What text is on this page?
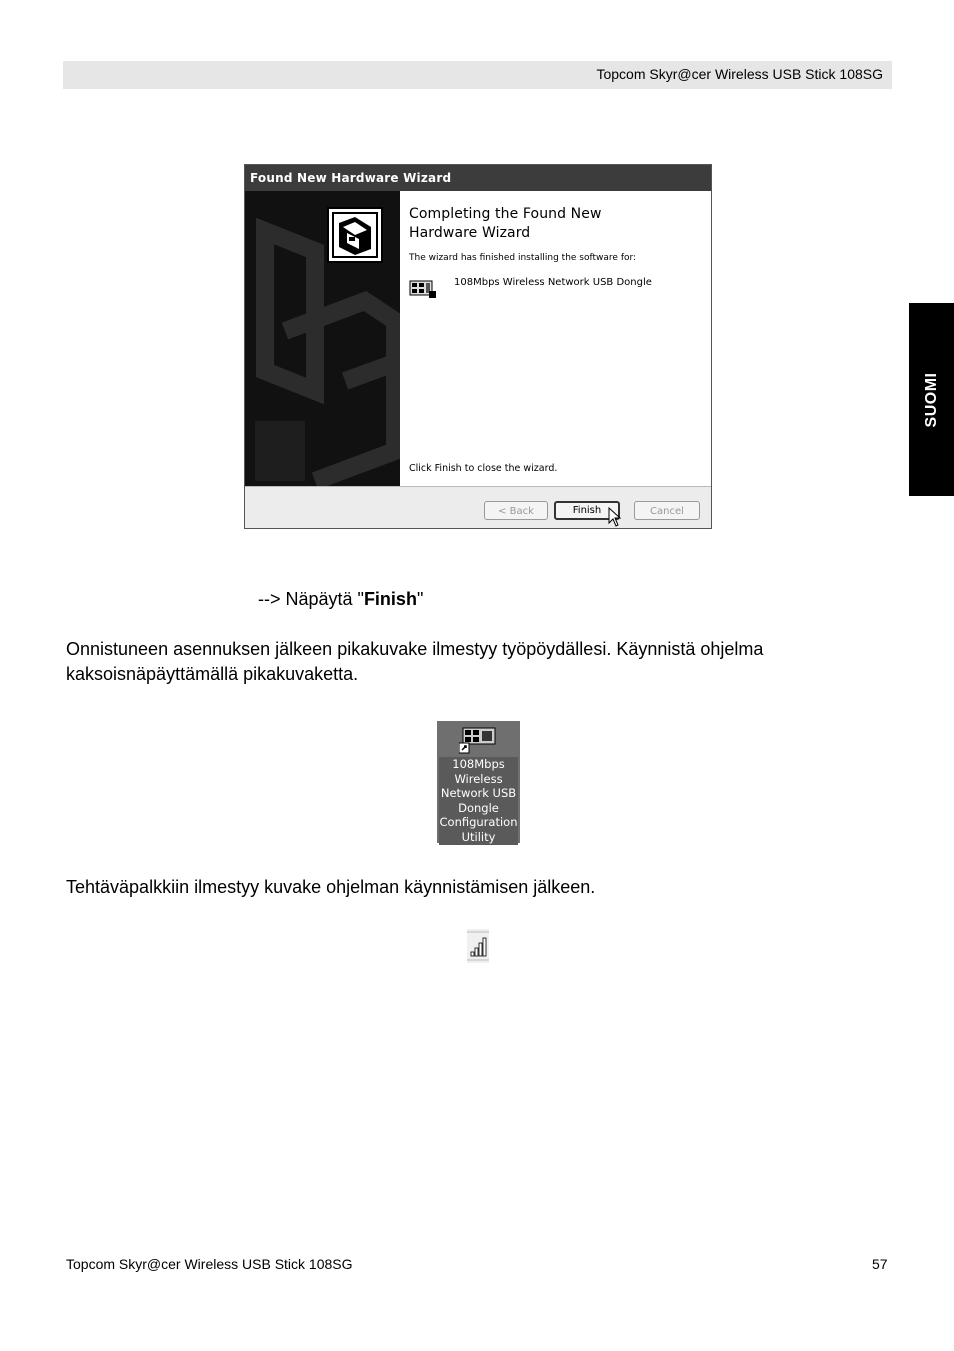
Topcom Skyr@cer Wireless USB Stick 108SG
SUOMI
Found New Hardware Wizard
Completing the Found New Hardware Wizard
The wizard has finished installing the software for:
108Mbps Wireless Network USB Dongle
Click Finish to close the wizard.
< Back	Finish	Cancel
--> Näpäytä "Finish"
Onnistuneen asennuksen jälkeen pikakuvake ilmestyy työpöydällesi. Käynnistä ohjelma kaksoisnäpäyttämällä pikakuvaketta.
108Mbps Wireless Network USB Dongle Configuration Utility
Tehtäväpalkkiin ilmestyy kuvake ohjelman käynnistämisen jälkeen.
Topcom Skyr@cer Wireless USB Stick 108SG	57
